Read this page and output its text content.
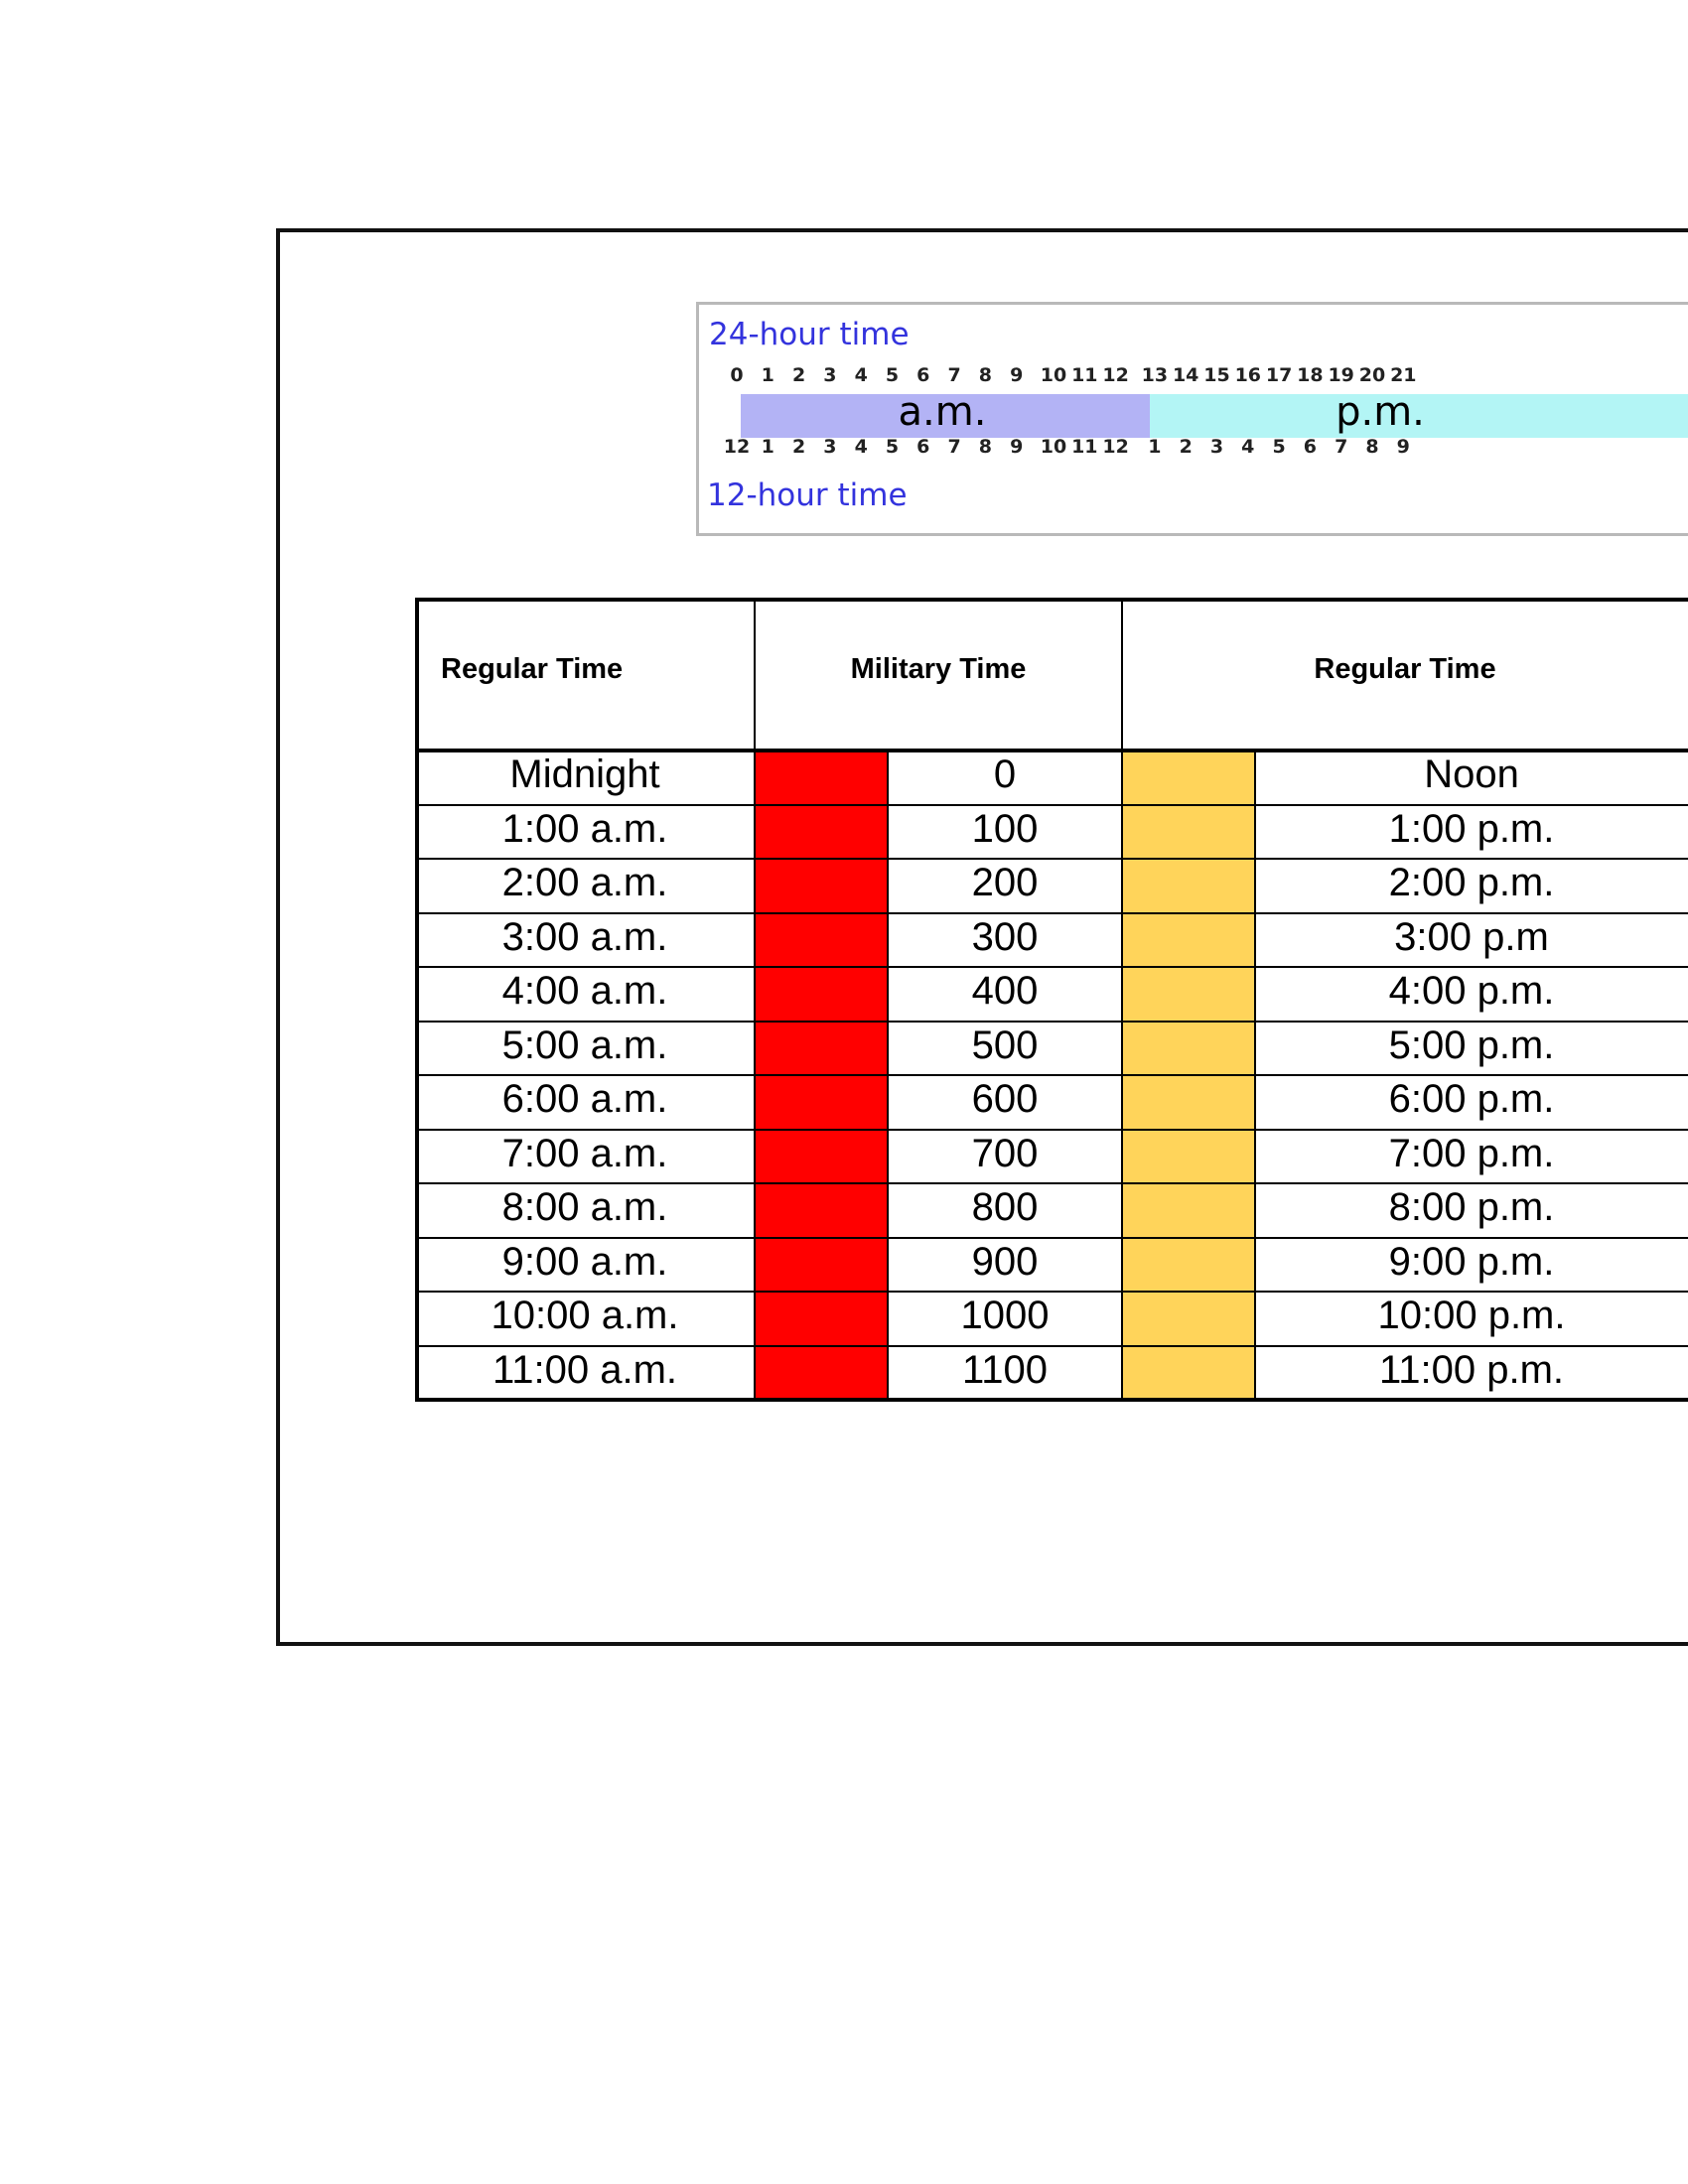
24-hour time
a.m.	p.m.
12-hour time
0 1 2 3 4 5 6 7 8 9 10 11 12 13 14 15 16 17 18 19 20 21
12 1 2 3 4 5 6 7 8 9 10 11 12 1 2 3 4 5 6 7 8 9
Regular Time	Military Time	Regular Time
Midnight	0	Noon
1:00 a.m.	100	1:00 p.m.
2:00 a.m.	200	2:00 p.m.
3:00 a.m.	300	3:00 p.m
4:00 a.m.	400	4:00 p.m.
5:00 a.m.	500	5:00 p.m.
6:00 a.m.	600	6:00 p.m.
7:00 a.m.	700	7:00 p.m.
8:00 a.m.	800	8:00 p.m.
9:00 a.m.	900	9:00 p.m.
10:00 a.m.	1000	10:00 p.m.
11:00 a.m.	1100	11:00 p.m.
